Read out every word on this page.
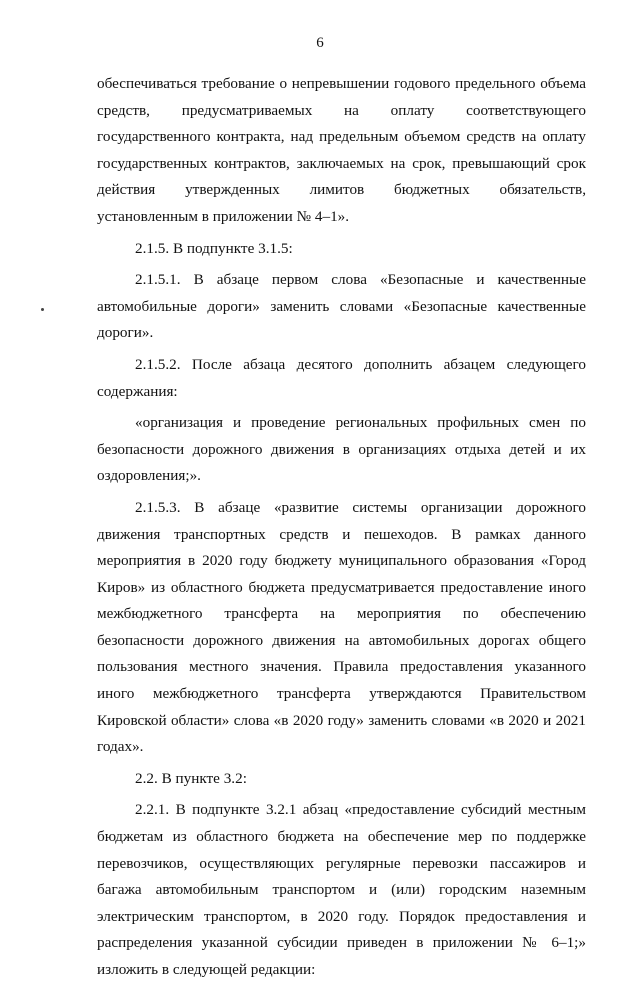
6

обеспечиваться требование о непревышении годового предельного объема средств, предусматриваемых на оплату соответствующего государственного контракта, над предельным объемом средств на оплату государственных контрактов, заключаемых на срок, превышающий срок действия утвержденных лимитов бюджетных обязательств, установленным в приложении № 4–1».

2.1.5. В подпункте 3.1.5:

2.1.5.1. В абзаце первом слова «Безопасные и качественные автомобильные дороги» заменить словами «Безопасные качественные дороги».

2.1.5.2. После абзаца десятого дополнить абзацем следующего содержания:

«организация и проведение региональных профильных смен по безопасности дорожного движения в организациях отдыха детей и их оздоровления;».

2.1.5.3. В абзаце «развитие системы организации дорожного движения транспортных средств и пешеходов. В рамках данного мероприятия в 2020 году бюджету муниципального образования «Город Киров» из областного бюджета предусматривается предоставление иного межбюджетного трансферта на мероприятия по обеспечению безопасности дорожного движения на автомобильных дорогах общего пользования местного значения. Правила предоставления указанного иного межбюджетного трансферта утверждаются Правительством Кировской области» слова «в 2020 году» заменить словами «в 2020 и 2021 годах».

2.2. В пункте 3.2:

2.2.1. В подпункте 3.2.1 абзац «предоставление субсидий местным бюджетам из областного бюджета на обеспечение мер по поддержке перевозчиков, осуществляющих регулярные перевозки пассажиров и багажа автомобильным транспортом и (или) городским наземным электрическим транспортом, в 2020 году. Порядок предоставления и распределения указанной субсидии приведен в приложении № 6–1;» изложить в следующей редакции:
